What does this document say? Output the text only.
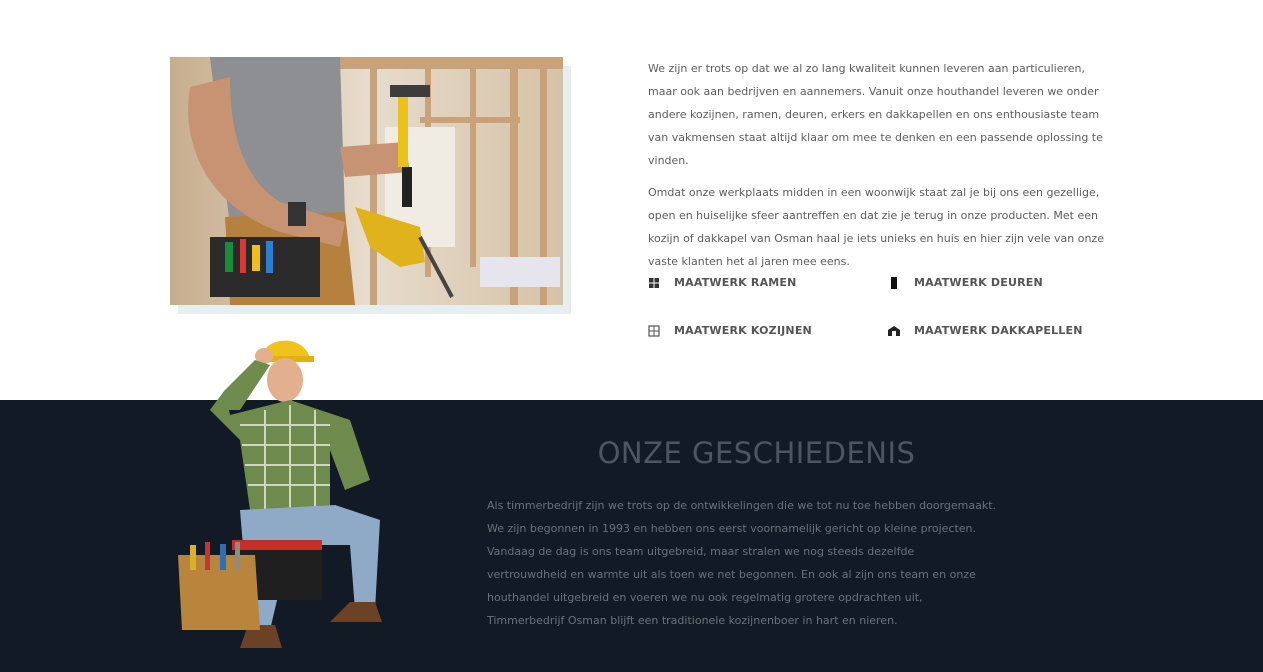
We zijn er trots op dat we al zo lang kwaliteit kunnen leveren aan particulieren, maar ook aan bedrijven en aannemers. Vanuit onze houthandel leveren we onder andere kozijnen, ramen, deuren, erkers en dakkapellen en ons enthousiaste team van vakmensen staat altijd klaar om mee te denken en een passende oplossing te vinden.

Omdat onze werkplaats midden in een woonwijk staat zal je bij ons een gezellige, open en huiselijke sfeer aantreffen en dat zie je terug in onze producten. Met een kozijn of dakkapel van Osman haal je iets unieks en huis en hier zijn vele van onze vaste klanten het al jaren mee eens.

MAATWERK RAMEN	MAATWERK DEUREN
MAATWERK KOZIJNEN	MAATWERK DAKKAPELLEN
ONZE GESCHIEDENIS

Als timmerbedrijf zijn we trots op de ontwikkelingen die we tot nu toe hebben doorgemaakt. We zijn begonnen in 1993 en hebben ons eerst voornamelijk gericht op kleine projecten. Vandaag de dag is ons team uitgebreid, maar stralen we nog steeds dezelfde vertrouwdheid en warmte uit als toen we net begonnen. En ook al zijn ons team en onze houthandel uitgebreid en voeren we nu ook regelmatig grotere opdrachten uit, Timmerbedrijf Osman blijft een traditionele kozijnenboer in hart en nieren.
